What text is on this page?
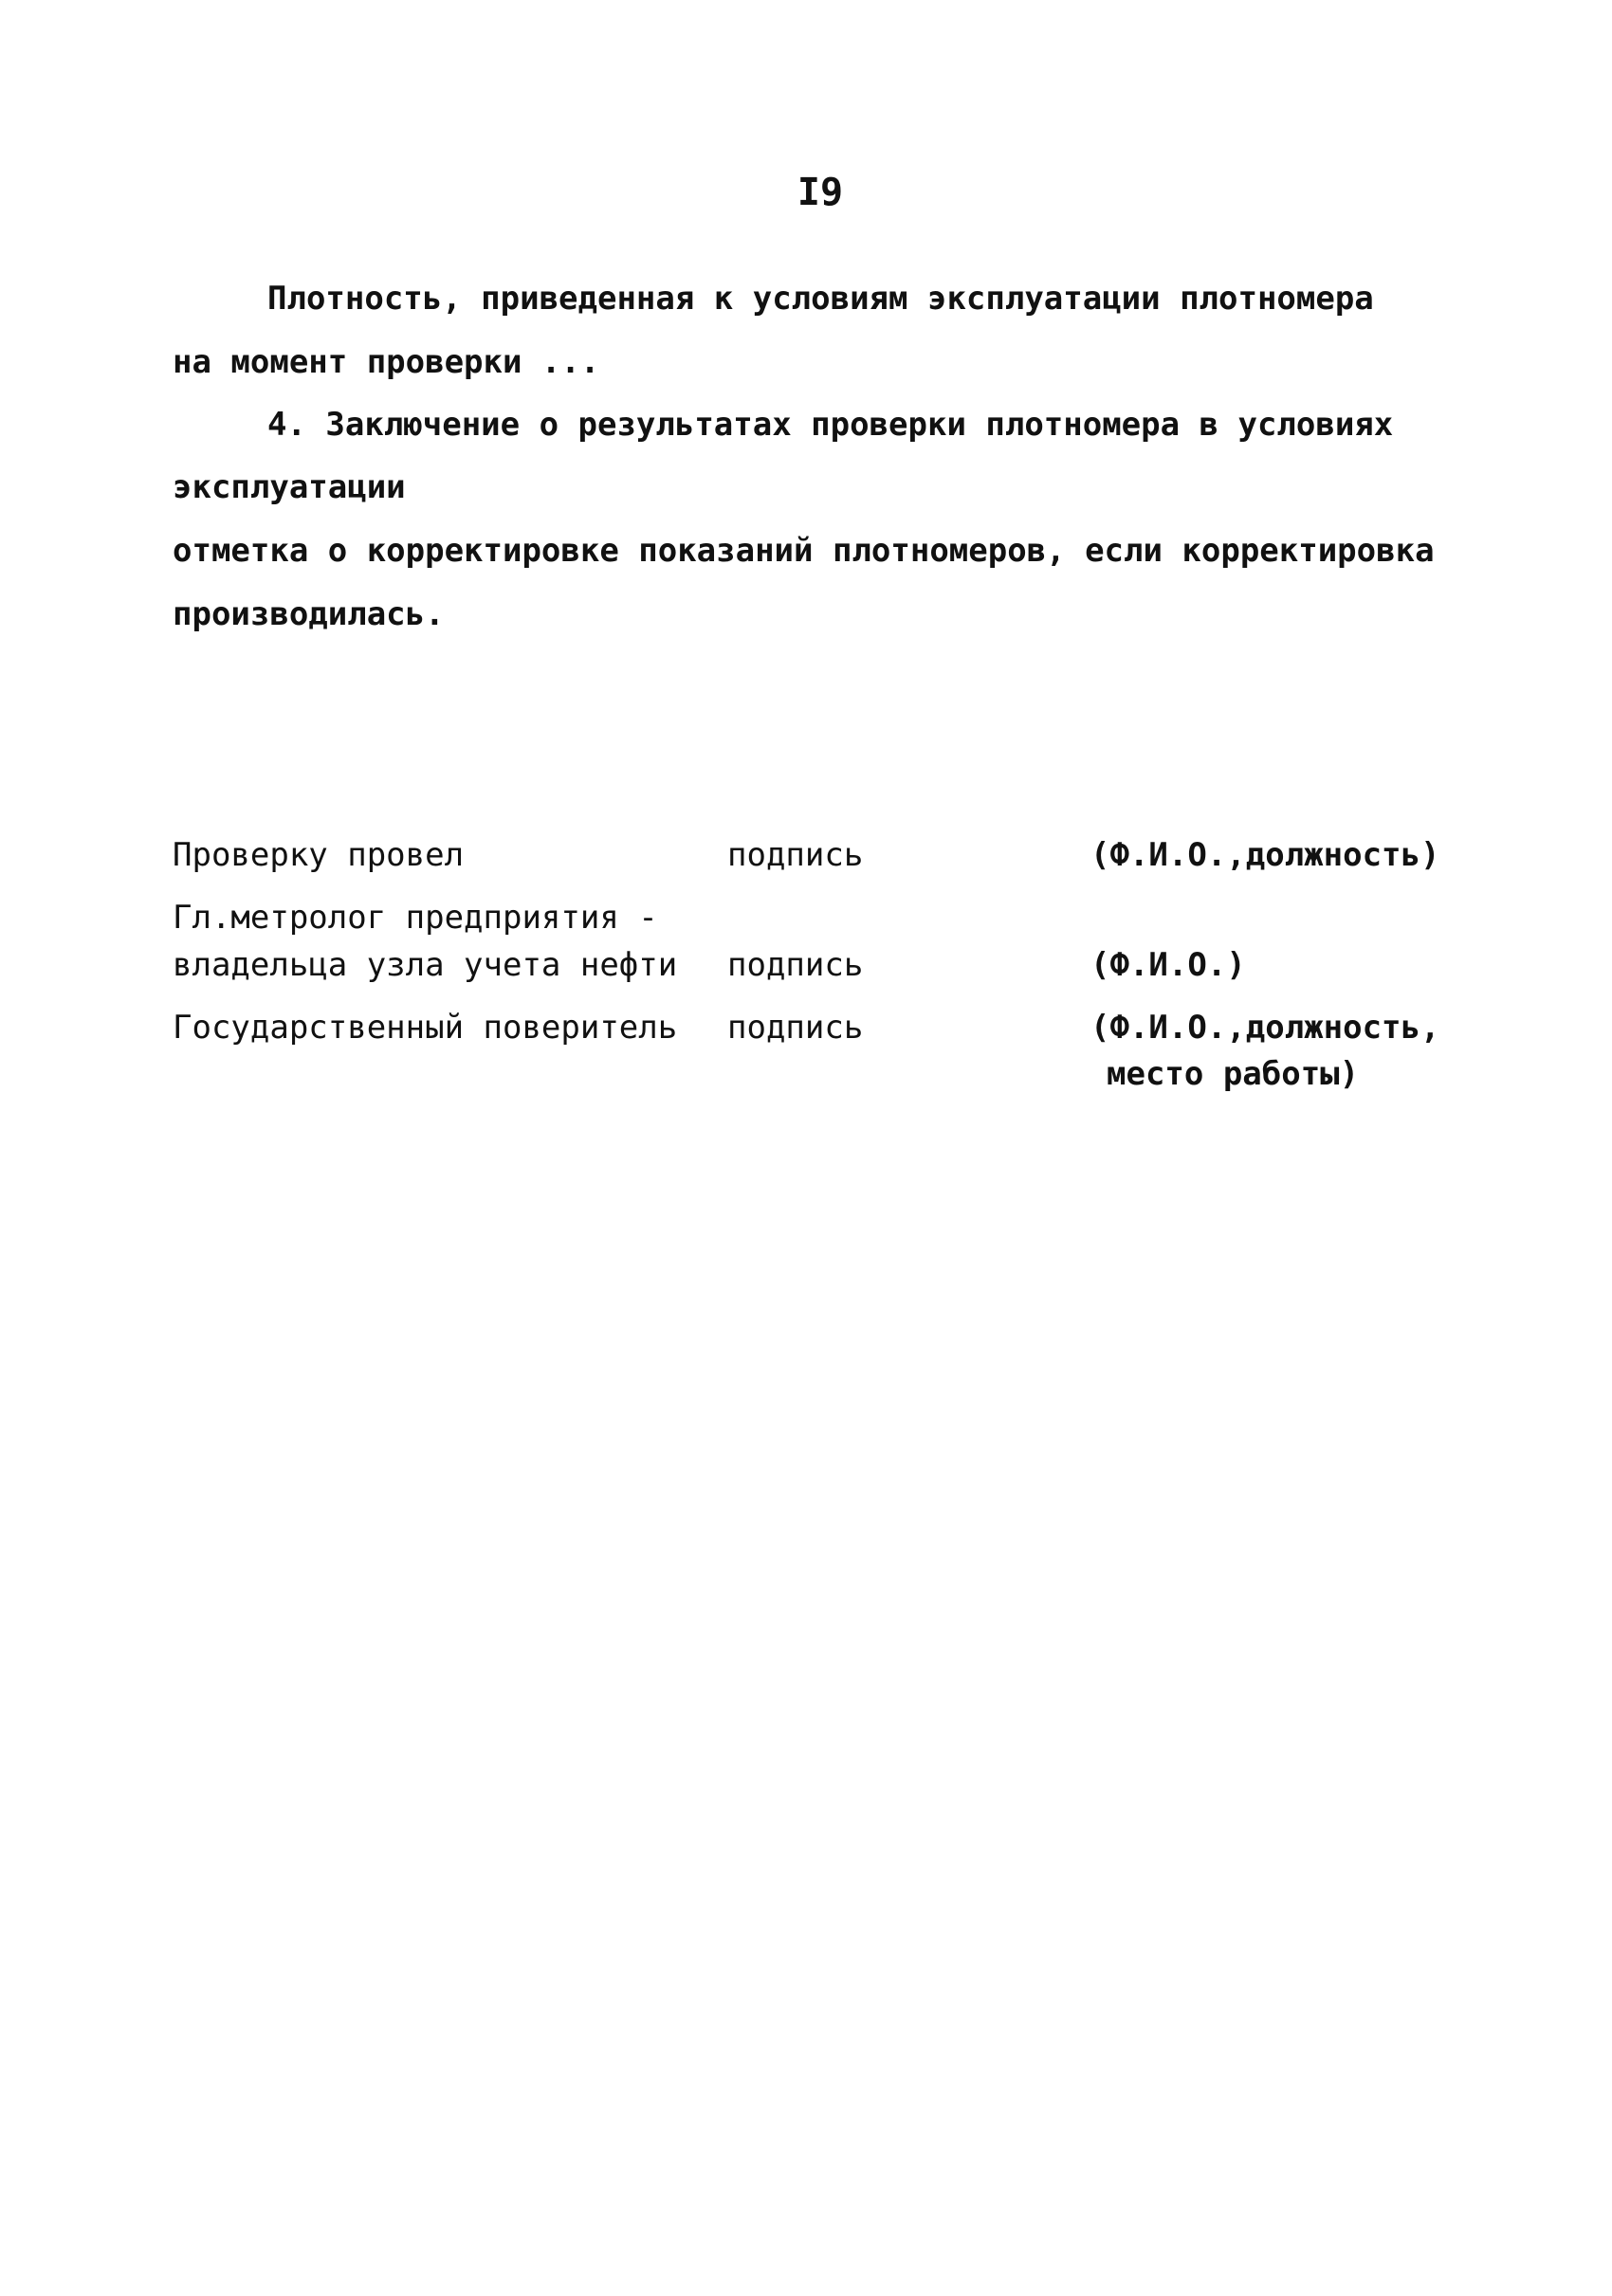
I9
Плотность, приведенная к условиям эксплуатации плотномера
на момент проверки ...
4. Заключение о результатах проверки плотномера в условиях
эксплуатации
отметка о корректировке показаний плотномеров, если корректировка
производилась.
Проверку провел	подпись	(Ф.И.О.,должность)
Гл.метролог предприятия -
владельца узла учета нефти подпись	(Ф.И.О.)
Государственный поверитель подпись	(Ф.И.О.,должность,
место работы)
